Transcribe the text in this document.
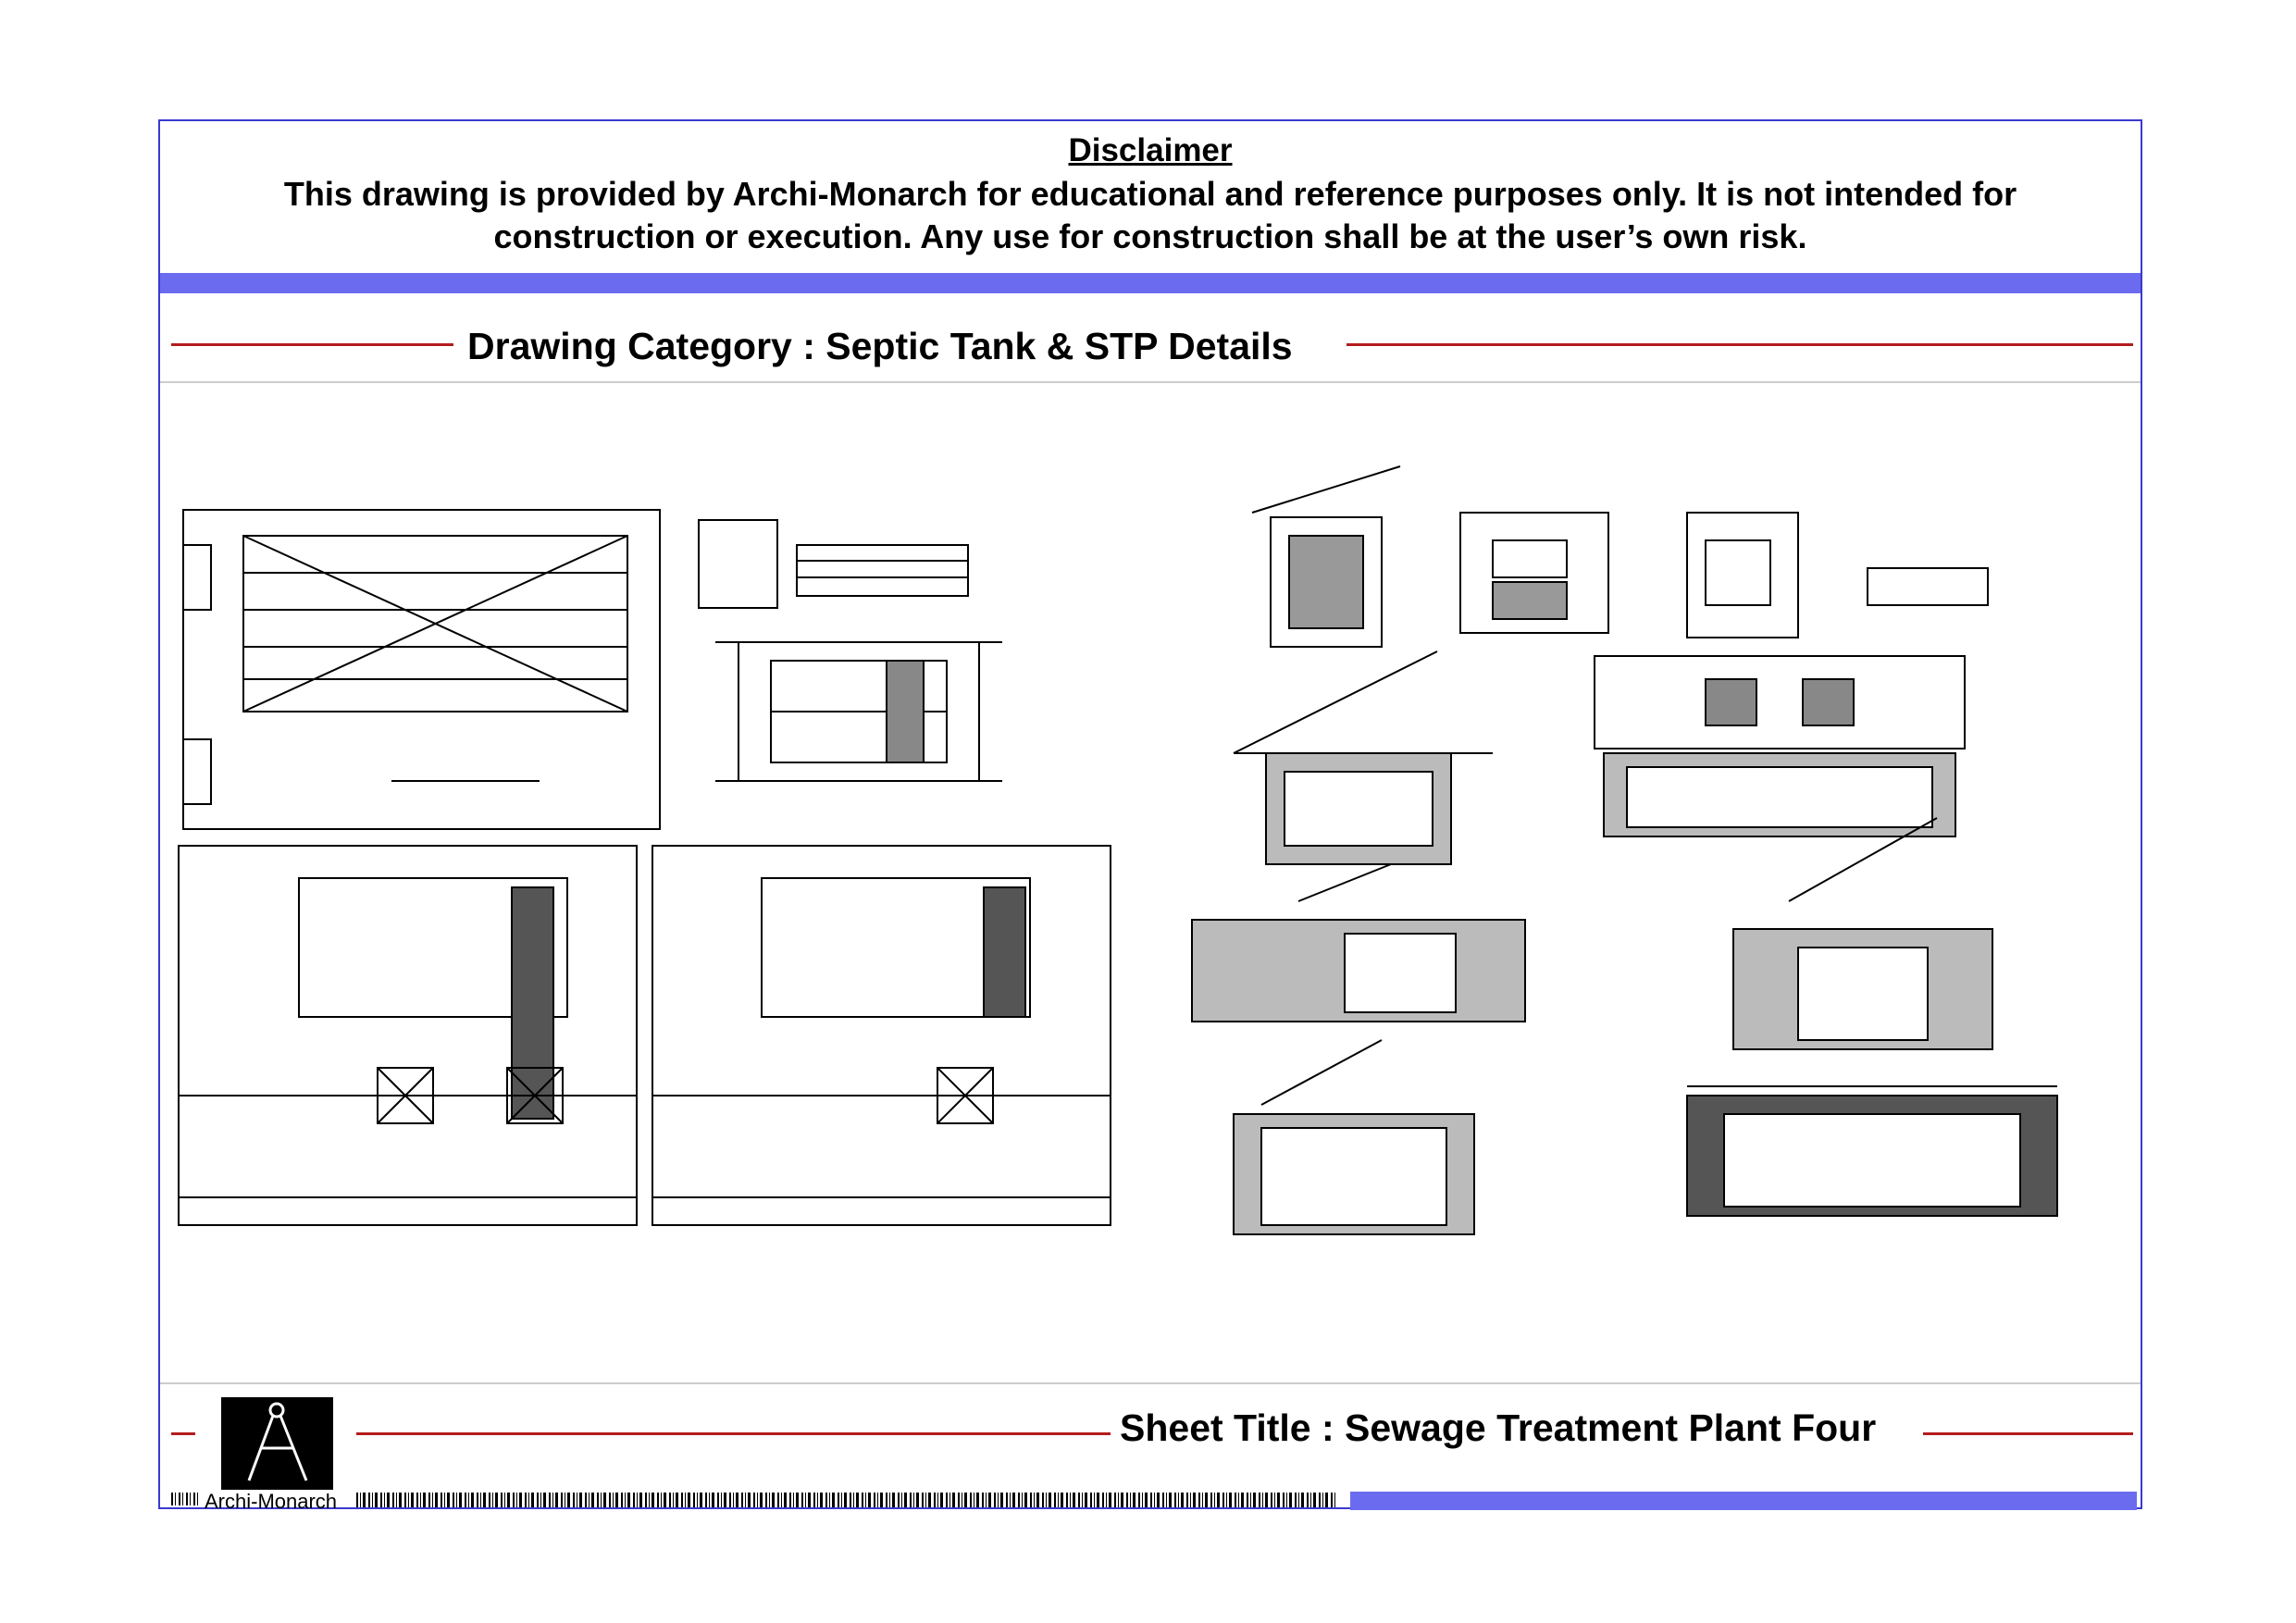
Disclaimer
This drawing is provided by Archi-Monarch for educational and reference purposes only. It is not intended for
construction or execution. Any use for construction shall be at the user’s own risk.
Drawing Category : Septic Tank & STP Details
Archi-Monarch
Sheet Title : Sewage Treatment Plant Four
